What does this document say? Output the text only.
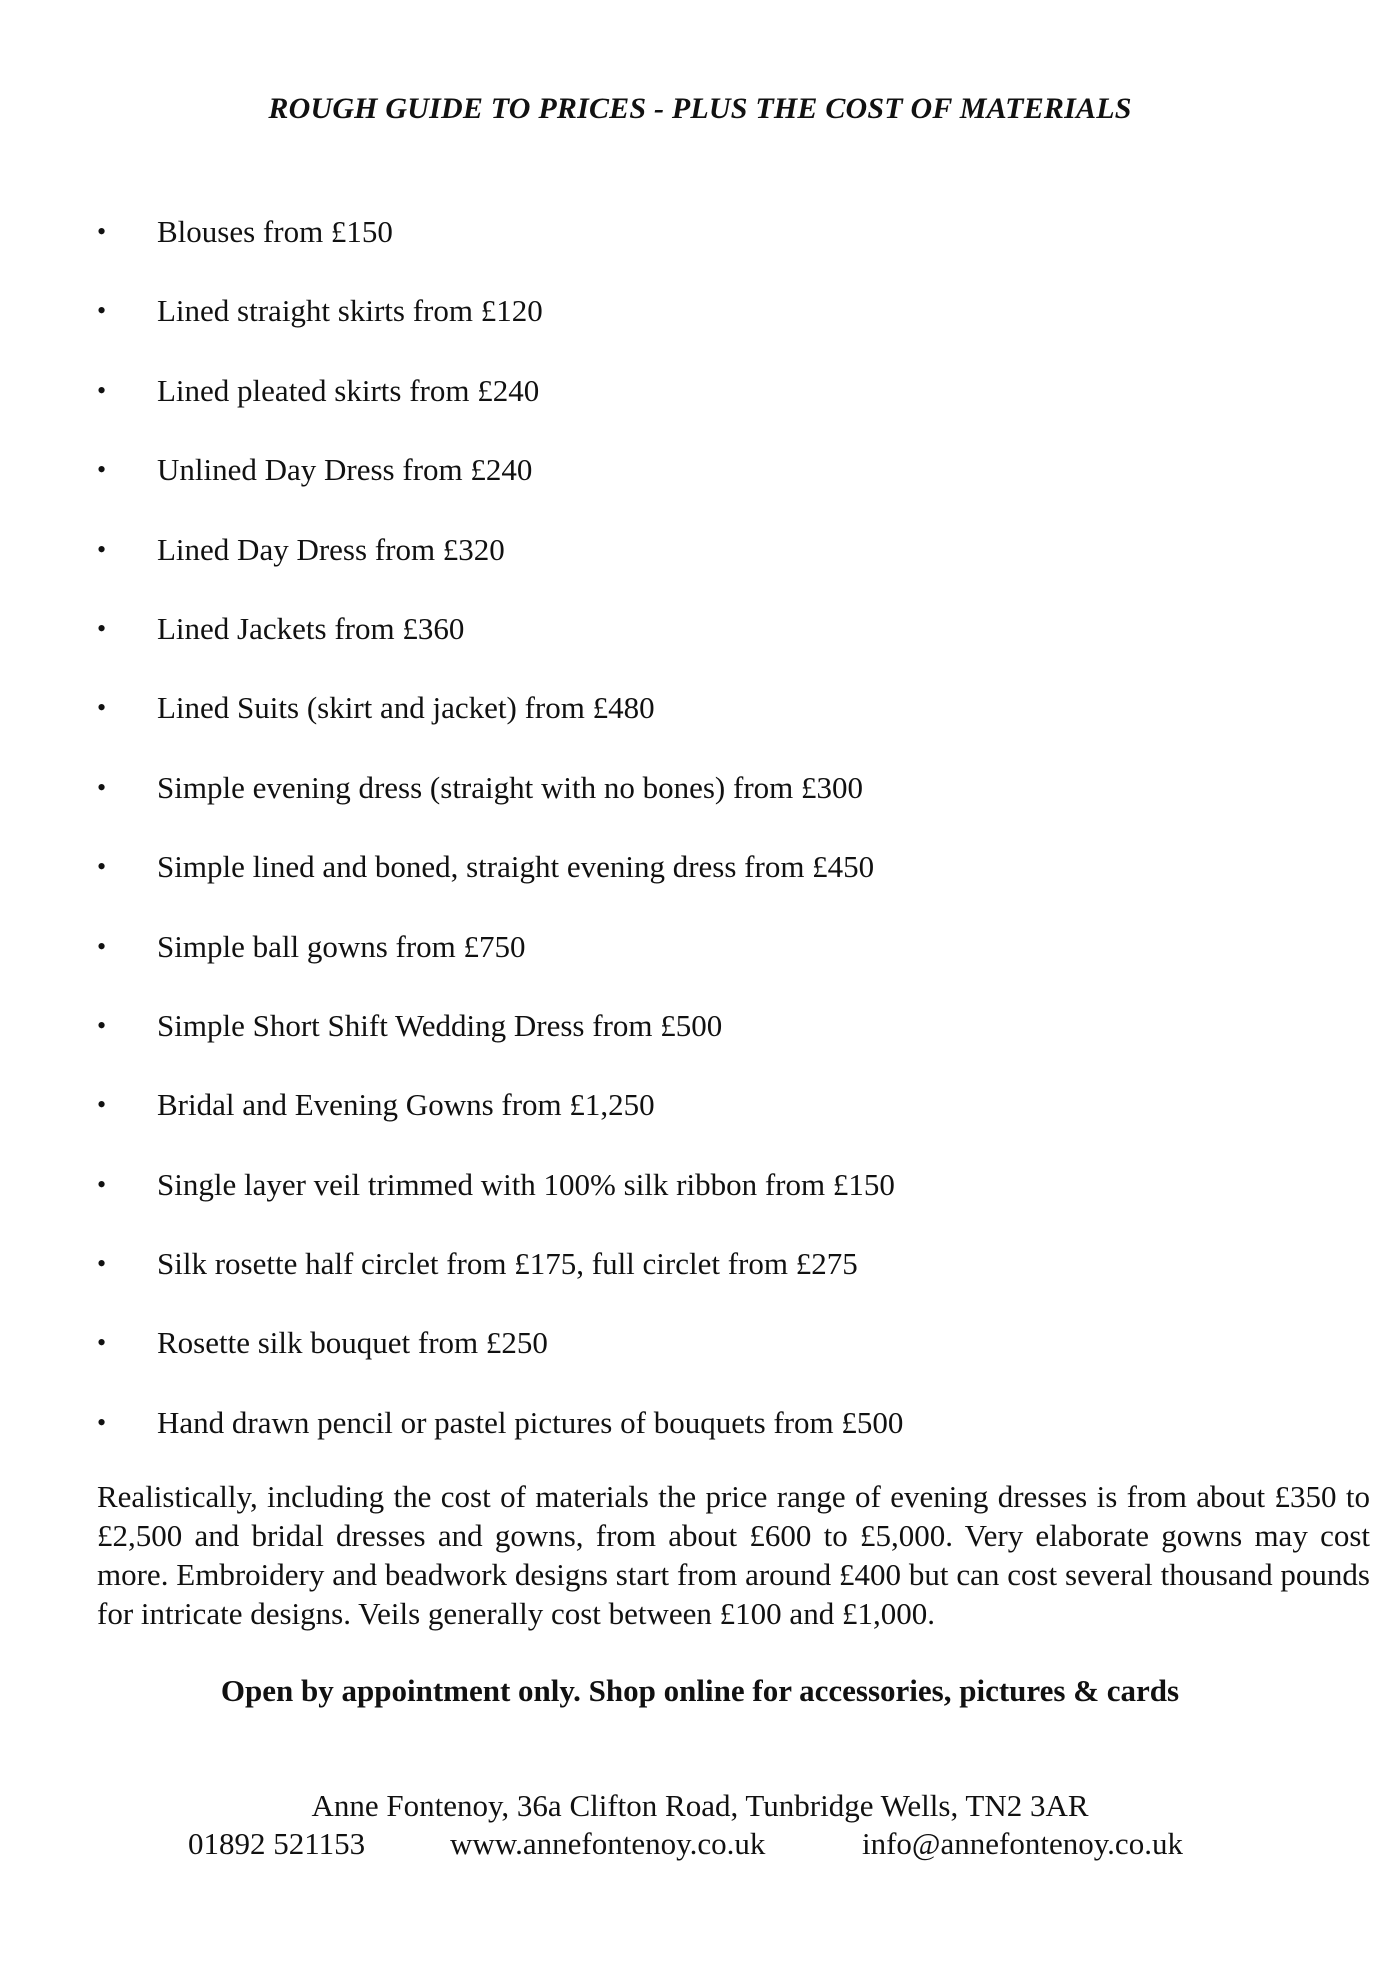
ROUGH GUIDE TO PRICES - PLUS THE COST OF MATERIALS
•	Blouses from £150
•	Lined straight skirts from £120
•	Lined pleated skirts from £240
•	Unlined Day Dress from £240
•	Lined Day Dress from £320
•	Lined Jackets from £360
•	Lined Suits (skirt and jacket) from £480
•	Simple evening dress (straight with no bones) from £300
•	Simple lined and boned, straight evening dress from £450
•	Simple ball gowns from £750
•	Simple Short Shift Wedding Dress from £500
•	Bridal and Evening Gowns from £1,250
•	Single layer veil trimmed with 100% silk ribbon from £150
•	Silk rosette half circlet from £175, full circlet from £275
•	Rosette silk bouquet from £250
•	Hand drawn pencil or pastel pictures of bouquets from £500

Realistically, including the cost of materials the price range of evening dresses is from about £350 to £2,500 and bridal dresses and gowns, from about £600 to £5,000. Very elaborate gowns may cost more. Embroidery and beadwork designs start from around £400 but can cost several thousand pounds for intricate designs. Veils generally cost between £100 and £1,000.

Open by appointment only. Shop online for accessories, pictures & cards
Anne Fontenoy, 36a Clifton Road, Tunbridge Wells, TN2 3AR
01892 521153	www.annefontenoy.co.uk	info@annefontenoy.co.uk
